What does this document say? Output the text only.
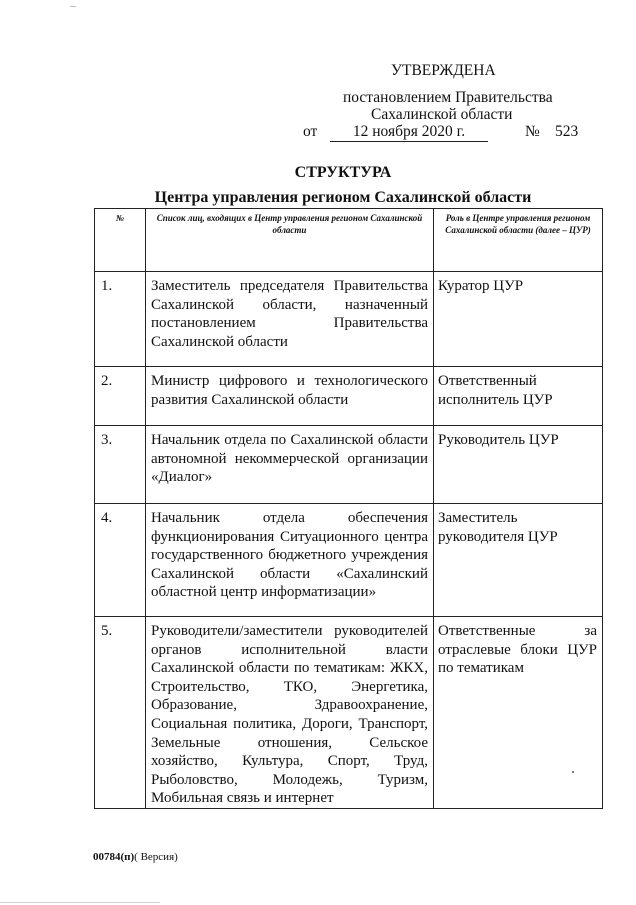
УТВЕРЖДЕНА
постановлением Правительства
Сахалинской области
от	12 ноября 2020 г.	№ 523
СТРУКТУРА
Центра управления регионом Сахалинской области
№	Список лиц, входящих в Центр управления регионом Сахалинской области	Роль в Центре управления регионом Сахалинской области (далее – ЦУР)
1.	Заместитель председателя Правительства Сахалинской области, назначенный постановлением Правительства Сахалинской области	Куратор ЦУР
2.	Министр цифрового и технологического развития Сахалинской области	Ответственный исполнитель ЦУР
3.	Начальник отдела по Сахалинской области автономной некоммерческой организации «Диалог»	Руководитель ЦУР
4.	Начальник отдела обеспечения функционирования Ситуационного центра государственного бюджетного учреждения Сахалинской области «Сахалинский областной центр информатизации»	Заместитель руководителя ЦУР
5.	Руководители/заместители руководителей органов исполнительной власти Сахалинской области по тематикам: ЖКХ, Строительство, ТКО, Энергетика, Образование, Здравоохранение, Социальная политика, Дороги, Транспорт, Земельные отношения, Сельское хозяйство, Культура, Спорт, Труд, Рыболовство, Молодежь, Туризм, Мобильная связь и интернет	Ответственные за отраслевые блоки ЦУР по тематикам
00784(п)( Версия)
